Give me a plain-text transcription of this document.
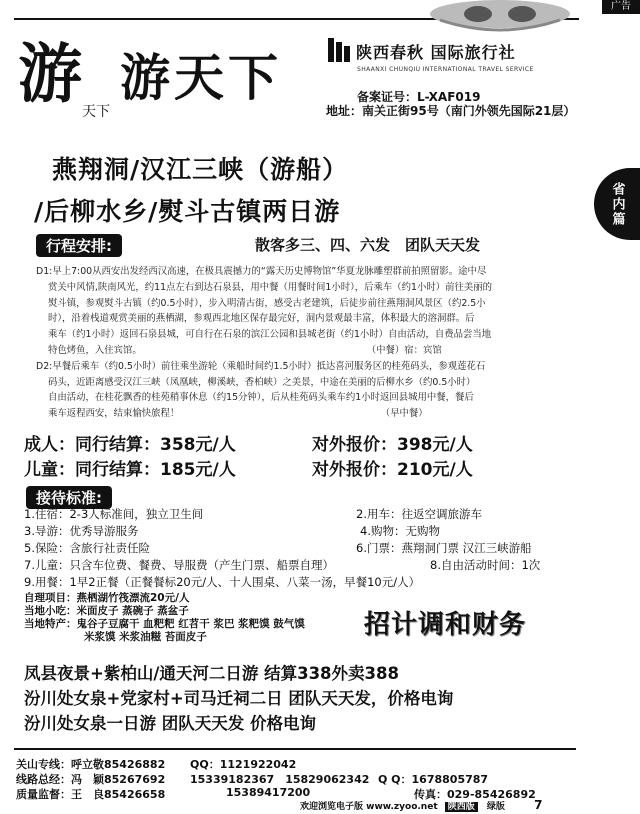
广告
省内篇
游 天下
游天下	陕西春秋 国际旅行社
SHAANXI CHUNQIU INTERNATIONAL TRAVEL SERVICE
备案证号：L-XAF019
地址：南关正街95号（南门外领先国际21层）
燕翔洞/汉江三峡（游船）
/后柳水乡/熨斗古镇两日游
行程安排:	散客多三、四、六发　团队天天发

D1:早上7:00从西安出发经西汉高速，在极具震撼力的“露天历史博物馆”华夏龙脉雕塑群前拍照留影。途中尽

赏关中风情,陕南风光，约11点左右到达石泉县，用中餐（用餐时间1小时），后乘车（约1小时）前往美丽的

熨斗镇，参观熨斗古镇（约0.5小时），步入明清古街，感受古老建筑，后徒步前往燕翔洞风景区（约2.5小

时），沿着栈道观赏美丽的燕栖湖，参观西北地区保存最完好，洞内景观最丰富，体积最大的溶洞群。后

乘车（约1小时）返回石泉县城，可自行在石泉的滨江公园和县城老街（约1小时）自由活动，自费品尝当地

特色烤鱼，入住宾馆。　　　　　　　　　　　　　　　　　　　　　　　　　（中餐）宿：宾馆

D2:早餐后乘车（约0.5小时）前往乘坐游轮（乘船时间约1.5小时）抵达喜河服务区的桂苑码头，参观莲花石

码头，近距离感受汉江三峡（凤凰峡，柳溪峡，香柏峡）之美景，中途在美丽的后柳水乡（约0.5小时）

自由活动，在桂花飘香的桂苑稍事休息（约15分钟），后从桂苑码头乘车约1小时返回县城用中餐，餐后

乘车返程西安，结束愉快旅程！　　　　　　　　　　　　　　　　　　　　　　（早中餐）

成人：同行结算：358元/人	对外报价：398元/人
儿童：同行结算：185元/人	对外报价：210元/人
接待标准:
1.住宿：2-3人标准间，独立卫生间	2.用车：往返空调旅游车
3.导游：优秀导游服务	4.购物：无购物
5.保险：含旅行社责任险	6.门票：燕翔洞门票 汉江三峡游船
7.儿童：只含车位费、餐费、导服费（产生门票、船票自理）	8.自由活动时间：1次
9.用餐：1早2正餐（正餐餐标20元/人、十人围桌、八菜一汤，早餐10元/人）
自理项目：燕栖湖竹筏漂流20元/人
当地小吃：米面皮子 蒸碗子 蒸盆子
当地特产：鬼谷子豆腐干 血粑粑 红苕干 浆巴 浆粑馍 鼓气馍
米浆馍 米浆油糍 苔面皮子	招计调和财务
凤县夜景+紫柏山/通天河二日游 结算338外卖388
汾川处女泉+党家村+司马迁祠二日 团队天天发，价格电询
汾川处女泉一日游 团队天天发 价格电询
关山专线：呼立敬85426882 QQ：1121922042
线路总经：冯　颖85267692 15339182367　15829062342 Q Q：1678805787
质量监督：王　良85426658	15389417200	传真：029-85426892
欢迎浏览电子版 www.zyoo.net 陕西版 绿版 7
